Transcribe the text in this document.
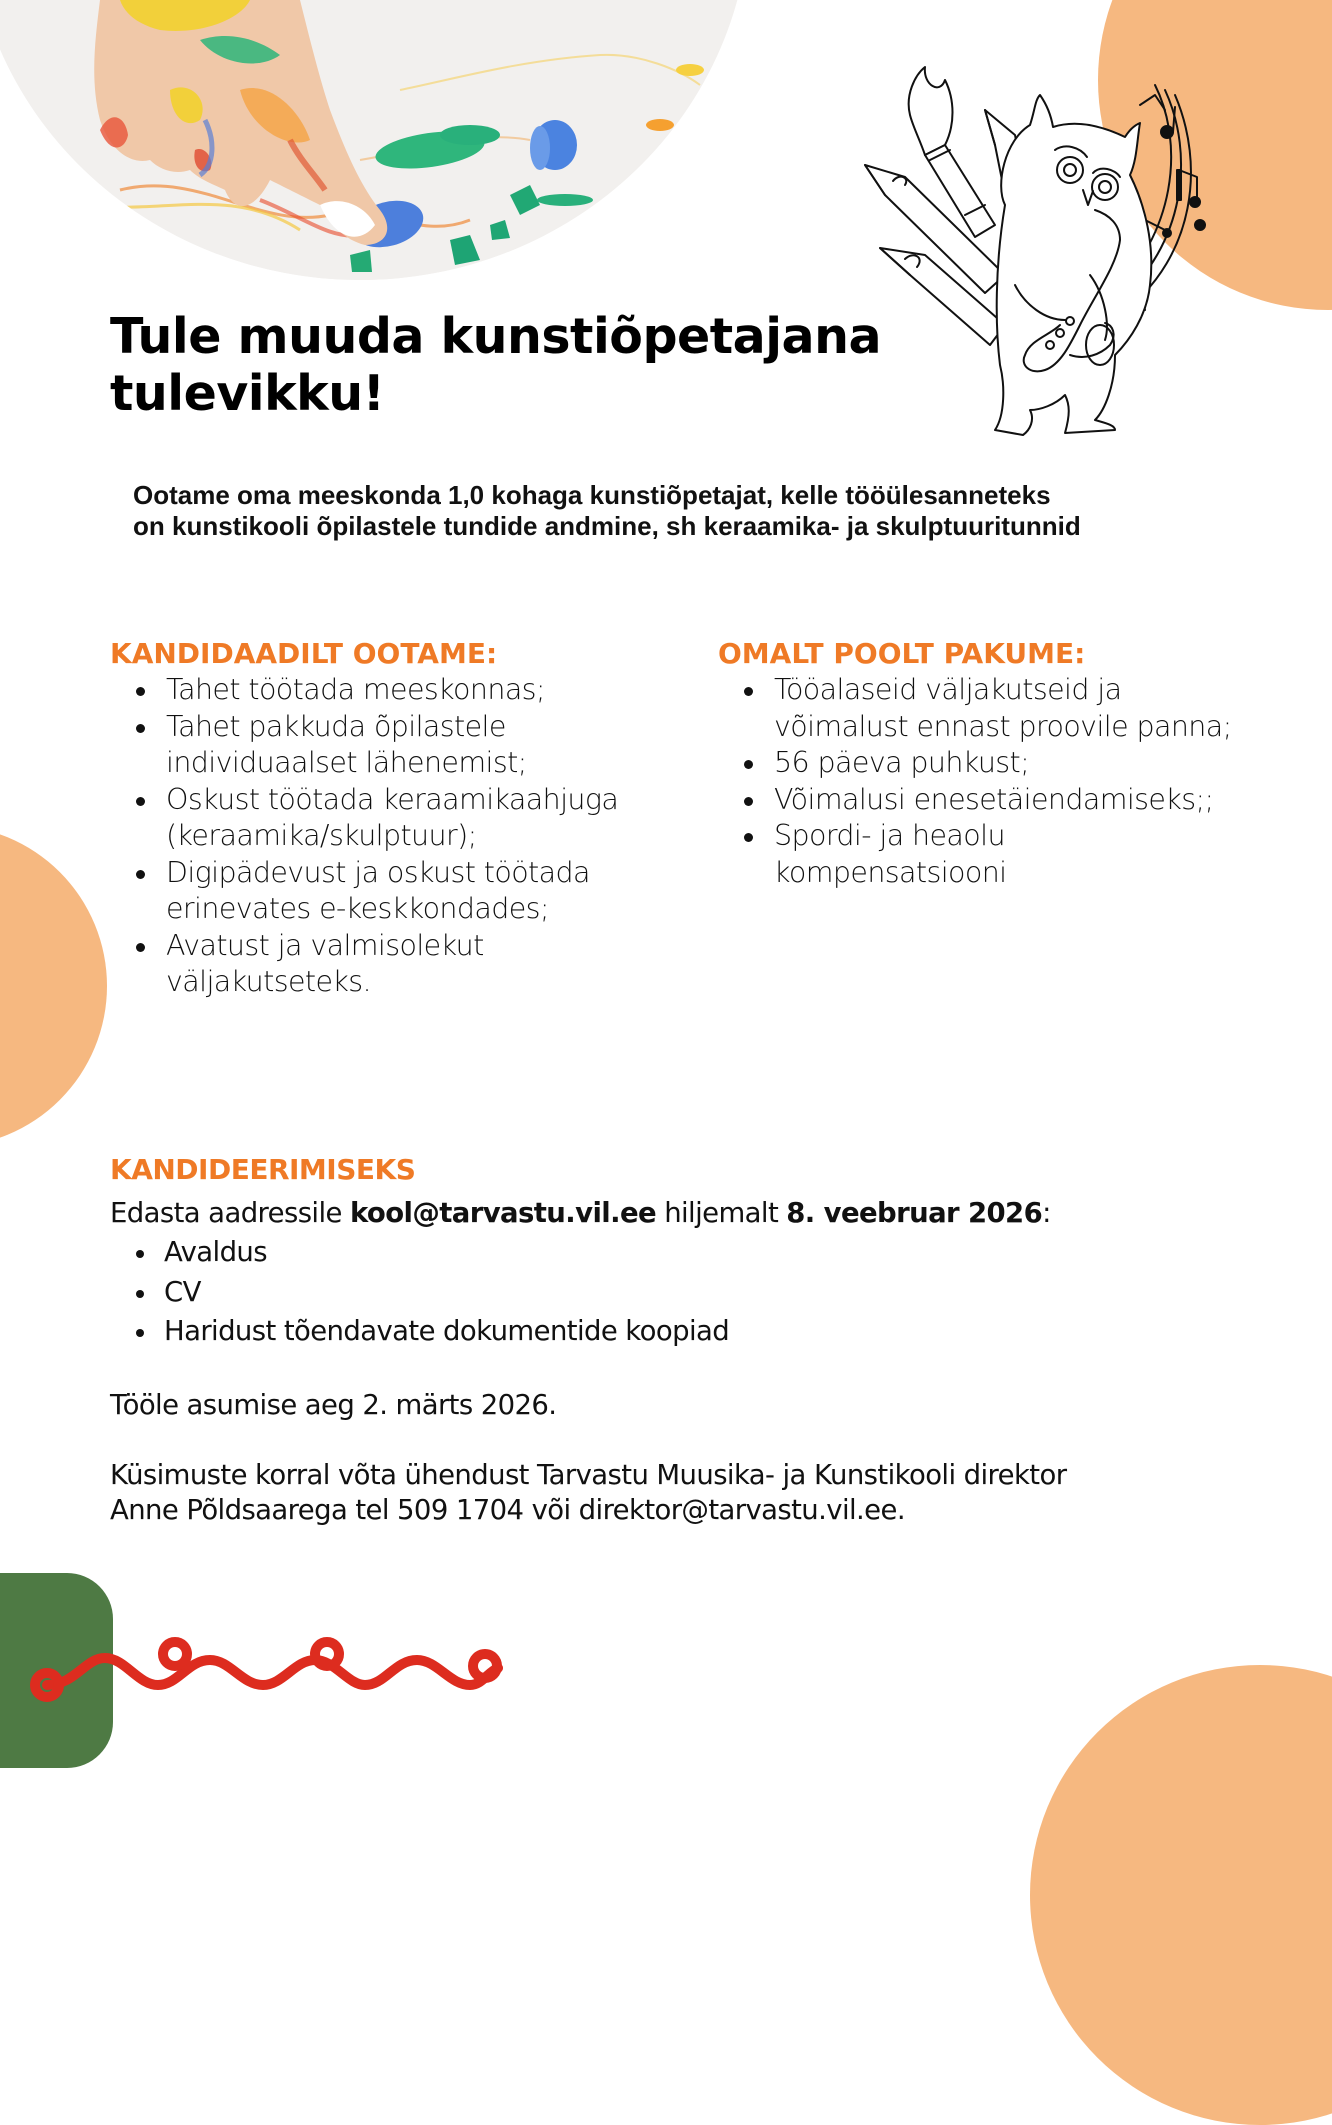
Tule muuda kunstiõpetajana
tulevikku!

Ootame oma meeskonda 1,0 kohaga kunstiõpetajat, kelle tööülesanneteks
on kunstikooli õpilastele tundide andmine, sh keraamika- ja skulptuuritunnid

KANDIDAADILT OOTAME:
Tahet töötada meeskonnas;
Tahet pakkuda õpilastele
individuaalset lähenemist;
Oskust töötada keraamikaahjuga
(keraamika/skulptuur);
Digipädevust ja oskust töötada
erinevates e-keskkondades;
Avatust ja valmisolekut
väljakutseteks.
OMALT POOLT PAKUME:
Tööalaseid väljakutseid ja
võimalust ennast proovile panna;
56 päeva puhkust;
Võimalusi enesetäiendamiseks;;
Spordi- ja heaolu
kompensatsiooni
KANDIDEERIMISEKS

Edasta aadressile kool@tarvastu.vil.ee hiljemalt 8. veebruar 2026:

Avaldus
CV
Haridust tõendavate dokumentide koopiad

Tööle asumise aeg 2. märts 2026.

Küsimuste korral võta ühendust Tarvastu Muusika- ja Kunstikooli direktor
Anne Põldsaarega tel 509 1704 või direktor@tarvastu.vil.ee.
